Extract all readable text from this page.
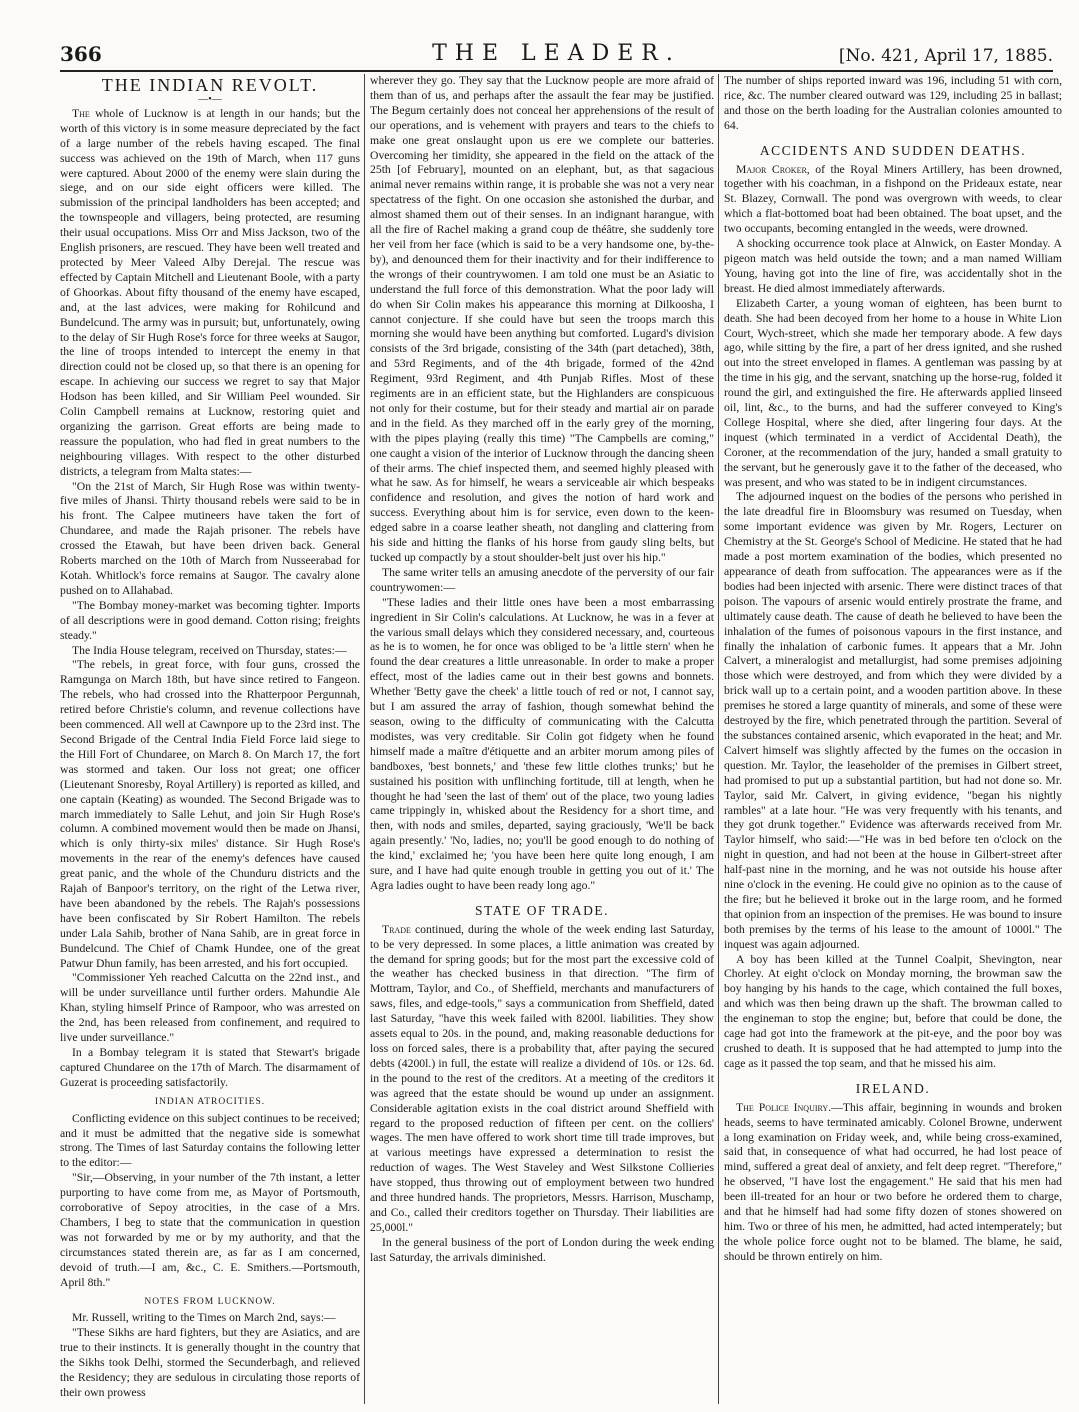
366	THE LEADER.	[No. 421, April 17, 1885.
THE INDIAN REVOLT.
—•—

The whole of Lucknow is at length in our hands; but the worth of this victory is in some measure depreciated by the fact of a large number of the rebels having escaped. The final success was achieved on the 19th of March, when 117 guns were captured. About 2000 of the enemy were slain during the siege, and on our side eight officers were killed. The submission of the principal landholders has been accepted; and the townspeople and villagers, being protected, are resuming their usual occupations. Miss Orr and Miss Jackson, two of the English prisoners, are rescued. They have been well treated and protected by Meer Valeed Alby Derejal. The rescue was effected by Captain Mitchell and Lieutenant Boole, with a party of Ghoorkas. About fifty thousand of the enemy have escaped, and, at the last advices, were making for Rohilcund and Bundelcund. The army was in pursuit; but, unfortunately, owing to the delay of Sir Hugh Rose's force for three weeks at Saugor, the line of troops intended to intercept the enemy in that direction could not be closed up, so that there is an opening for escape. In achieving our success we regret to say that Major Hodson has been killed, and Sir William Peel wounded. Sir Colin Campbell remains at Lucknow, restoring quiet and organizing the garrison. Great efforts are being made to reassure the population, who had fled in great numbers to the neighbouring villages. With respect to the other disturbed districts, a telegram from Malta states:—

"On the 21st of March, Sir Hugh Rose was within twenty-five miles of Jhansi. Thirty thousand rebels were said to be in his front. The Calpee mutineers have taken the fort of Chundaree, and made the Rajah prisoner. The rebels have crossed the Etawah, but have been driven back. General Roberts marched on the 10th of March from Nusseerabad for Kotah. Whitlock's force remains at Saugor. The cavalry alone pushed on to Allahabad.

"The Bombay money-market was becoming tighter. Imports of all descriptions were in good demand. Cotton rising; freights steady."

The India House telegram, received on Thursday, states:—

"The rebels, in great force, with four guns, crossed the Ramgunga on March 18th, but have since retired to Fangeon. The rebels, who had crossed into the Rhatterpoor Pergunnah, retired before Christie's column, and revenue collections have been commenced. All well at Cawnpore up to the 23rd inst. The Second Brigade of the Central India Field Force laid siege to the Hill Fort of Chundaree, on March 8. On March 17, the fort was stormed and taken. Our loss not great; one officer (Lieutenant Snoresby, Royal Artillery) is reported as killed, and one captain (Keating) as wounded. The Second Brigade was to march immediately to Salle Lehut, and join Sir Hugh Rose's column. A combined movement would then be made on Jhansi, which is only thirty-six miles' distance. Sir Hugh Rose's movements in the rear of the enemy's defences have caused great panic, and the whole of the Chunduru districts and the Rajah of Banpoor's territory, on the right of the Letwa river, have been abandoned by the rebels. The Rajah's possessions have been confiscated by Sir Robert Hamilton. The rebels under Lala Sahib, brother of Nana Sahib, are in great force in Bundelcund. The Chief of Chamk Hundee, one of the great Patwur Dhun family, has been arrested, and his fort occupied.

"Commissioner Yeh reached Calcutta on the 22nd inst., and will be under surveillance until further orders. Mahundie Ale Khan, styling himself Prince of Rampoor, who was arrested on the 2nd, has been released from confinement, and required to live under surveillance."

In a Bombay telegram it is stated that Stewart's brigade captured Chundaree on the 17th of March. The disarmament of Guzerat is proceeding satisfactorily.

INDIAN ATROCITIES.

Conflicting evidence on this subject continues to be received; and it must be admitted that the negative side is somewhat strong. The Times of last Saturday contains the following letter to the editor:—

"Sir,—Observing, in your number of the 7th instant, a letter purporting to have come from me, as Mayor of Portsmouth, corroborative of Sepoy atrocities, in the case of a Mrs. Chambers, I beg to state that the communication in question was not forwarded by me or by my authority, and that the circumstances stated therein are, as far as I am concerned, devoid of truth.—I am, &c., C. E. Smithers.—Portsmouth, April 8th."

NOTES FROM LUCKNOW.

Mr. Russell, writing to the Times on March 2nd, says:—

"These Sikhs are hard fighters, but they are Asiatics, and are true to their instincts. It is generally thought in the country that the Sikhs took Delhi, stormed the Secunderbagh, and relieved the Residency; they are sedulous in circulating those reports of their own prowess

wherever they go. They say that the Lucknow people are more afraid of them than of us, and perhaps after the assault the fear may be justified. The Begum certainly does not conceal her apprehensions of the result of our operations, and is vehement with prayers and tears to the chiefs to make one great onslaught upon us ere we complete our batteries. Overcoming her timidity, she appeared in the field on the attack of the 25th [of February], mounted on an elephant, but, as that sagacious animal never remains within range, it is probable she was not a very near spectatress of the fight. On one occasion she astonished the durbar, and almost shamed them out of their senses. In an indignant harangue, with all the fire of Rachel making a grand coup de théâtre, she suddenly tore her veil from her face (which is said to be a very handsome one, by-the-by), and denounced them for their inactivity and for their indifference to the wrongs of their countrywomen. I am told one must be an Asiatic to understand the full force of this demonstration. What the poor lady will do when Sir Colin makes his appearance this morning at Dilkoosha, I cannot conjecture. If she could have but seen the troops march this morning she would have been anything but comforted. Lugard's division consists of the 3rd brigade, consisting of the 34th (part detached), 38th, and 53rd Regiments, and of the 4th brigade, formed of the 42nd Regiment, 93rd Regiment, and 4th Punjab Rifles. Most of these regiments are in an efficient state, but the Highlanders are conspicuous not only for their costume, but for their steady and martial air on parade and in the field. As they marched off in the early grey of the morning, with the pipes playing (really this time) "The Campbells are coming," one caught a vision of the interior of Lucknow through the dancing sheen of their arms. The chief inspected them, and seemed highly pleased with what he saw. As for himself, he wears a serviceable air which bespeaks confidence and resolution, and gives the notion of hard work and success. Everything about him is for service, even down to the keen-edged sabre in a coarse leather sheath, not dangling and clattering from his side and hitting the flanks of his horse from gaudy sling belts, but tucked up compactly by a stout shoulder-belt just over his hip."

The same writer tells an amusing anecdote of the perversity of our fair countrywomen:—

"These ladies and their little ones have been a most embarrassing ingredient in Sir Colin's calculations. At Lucknow, he was in a fever at the various small delays which they considered necessary, and, courteous as he is to women, he for once was obliged to be 'a little stern' when he found the dear creatures a little unreasonable. In order to make a proper effect, most of the ladies came out in their best gowns and bonnets. Whether 'Betty gave the cheek' a little touch of red or not, I cannot say, but I am assured the array of fashion, though somewhat behind the season, owing to the difficulty of communicating with the Calcutta modistes, was very creditable. Sir Colin got fidgety when he found himself made a maître d'étiquette and an arbiter morum among piles of bandboxes, 'best bonnets,' and 'these few little clothes trunks;' but he sustained his position with unflinching fortitude, till at length, when he thought he had 'seen the last of them' out of the place, two young ladies came trippingly in, whisked about the Residency for a short time, and then, with nods and smiles, departed, saying graciously, 'We'll be back again presently.' 'No, ladies, no; you'll be good enough to do nothing of the kind,' exclaimed he; 'you have been here quite long enough, I am sure, and I have had quite enough trouble in getting you out of it.' The Agra ladies ought to have been ready long ago."

STATE OF TRADE.

Trade continued, during the whole of the week ending last Saturday, to be very depressed. In some places, a little animation was created by the demand for spring goods; but for the most part the excessive cold of the weather has checked business in that direction. "The firm of Mottram, Taylor, and Co., of Sheffield, merchants and manufacturers of saws, files, and edge-tools," says a communication from Sheffield, dated last Saturday, "have this week failed with 8200l. liabilities. They show assets equal to 20s. in the pound, and, making reasonable deductions for loss on forced sales, there is a probability that, after paying the secured debts (4200l.) in full, the estate will realize a dividend of 10s. or 12s. 6d. in the pound to the rest of the creditors. At a meeting of the creditors it was agreed that the estate should be wound up under an assignment. Considerable agitation exists in the coal district around Sheffield with regard to the proposed reduction of fifteen per cent. on the colliers' wages. The men have offered to work short time till trade improves, but at various meetings have expressed a determination to resist the reduction of wages. The West Staveley and West Silkstone Collieries have stopped, thus throwing out of employment between two hundred and three hundred hands. The proprietors, Messrs. Harrison, Muschamp, and Co., called their creditors together on Thursday. Their liabilities are 25,000l."

In the general business of the port of London during the week ending last Saturday, the arrivals diminished.

The number of ships reported inward was 196, including 51 with corn, rice, &c. The number cleared outward was 129, including 25 in ballast; and those on the berth loading for the Australian colonies amounted to 64.

ACCIDENTS AND SUDDEN DEATHS.

Major Croker, of the Royal Miners Artillery, has been drowned, together with his coachman, in a fishpond on the Prideaux estate, near St. Blazey, Cornwall. The pond was overgrown with weeds, to clear which a flat-bottomed boat had been obtained. The boat upset, and the two occupants, becoming entangled in the weeds, were drowned.

A shocking occurrence took place at Alnwick, on Easter Monday. A pigeon match was held outside the town; and a man named William Young, having got into the line of fire, was accidentally shot in the breast. He died almost immediately afterwards.

Elizabeth Carter, a young woman of eighteen, has been burnt to death. She had been decoyed from her home to a house in White Lion Court, Wych-street, which she made her temporary abode. A few days ago, while sitting by the fire, a part of her dress ignited, and she rushed out into the street enveloped in flames. A gentleman was passing by at the time in his gig, and the servant, snatching up the horse-rug, folded it round the girl, and extinguished the fire. He afterwards applied linseed oil, lint, &c., to the burns, and had the sufferer conveyed to King's College Hospital, where she died, after lingering four days. At the inquest (which terminated in a verdict of Accidental Death), the Coroner, at the recommendation of the jury, handed a small gratuity to the servant, but he generously gave it to the father of the deceased, who was present, and who was stated to be in indigent circumstances.

The adjourned inquest on the bodies of the persons who perished in the late dreadful fire in Bloomsbury was resumed on Tuesday, when some important evidence was given by Mr. Rogers, Lecturer on Chemistry at the St. George's School of Medicine. He stated that he had made a post mortem examination of the bodies, which presented no appearance of death from suffocation. The appearances were as if the bodies had been injected with arsenic. There were distinct traces of that poison. The vapours of arsenic would entirely prostrate the frame, and ultimately cause death. The cause of death he believed to have been the inhalation of the fumes of poisonous vapours in the first instance, and finally the inhalation of carbonic fumes. It appears that a Mr. John Calvert, a mineralogist and metallurgist, had some premises adjoining those which were destroyed, and from which they were divided by a brick wall up to a certain point, and a wooden partition above. In these premises he stored a large quantity of minerals, and some of these were destroyed by the fire, which penetrated through the partition. Several of the substances contained arsenic, which evaporated in the heat; and Mr. Calvert himself was slightly affected by the fumes on the occasion in question. Mr. Taylor, the leaseholder of the premises in Gilbert street, had promised to put up a substantial partition, but had not done so. Mr. Taylor, said Mr. Calvert, in giving evidence, "began his nightly rambles" at a late hour. "He was very frequently with his tenants, and they got drunk together." Evidence was afterwards received from Mr. Taylor himself, who said:—"He was in bed before ten o'clock on the night in question, and had not been at the house in Gilbert-street after half-past nine in the morning, and he was not outside his house after nine o'clock in the evening. He could give no opinion as to the cause of the fire; but he believed it broke out in the large room, and he formed that opinion from an inspection of the premises. He was bound to insure both premises by the terms of his lease to the amount of 1000l." The inquest was again adjourned.

A boy has been killed at the Tunnel Coalpit, Shevington, near Chorley. At eight o'clock on Monday morning, the browman saw the boy hanging by his hands to the cage, which contained the full boxes, and which was then being drawn up the shaft. The browman called to the engineman to stop the engine; but, before that could be done, the cage had got into the framework at the pit-eye, and the poor boy was crushed to death. It is supposed that he had attempted to jump into the cage as it passed the top seam, and that he missed his aim.

IRELAND.

The Police Inquiry.—This affair, beginning in wounds and broken heads, seems to have terminated amicably. Colonel Browne, underwent a long examination on Friday week, and, while being cross-examined, said that, in consequence of what had occurred, he had lost peace of mind, suffered a great deal of anxiety, and felt deep regret. "Therefore," he observed, "I have lost the engagement." He said that his men had been ill-treated for an hour or two before he ordered them to charge, and that he himself had had some fifty dozen of stones showered on him. Two or three of his men, he admitted, had acted intemperately; but the whole police force ought not to be blamed. The blame, he said, should be thrown entirely on him.
